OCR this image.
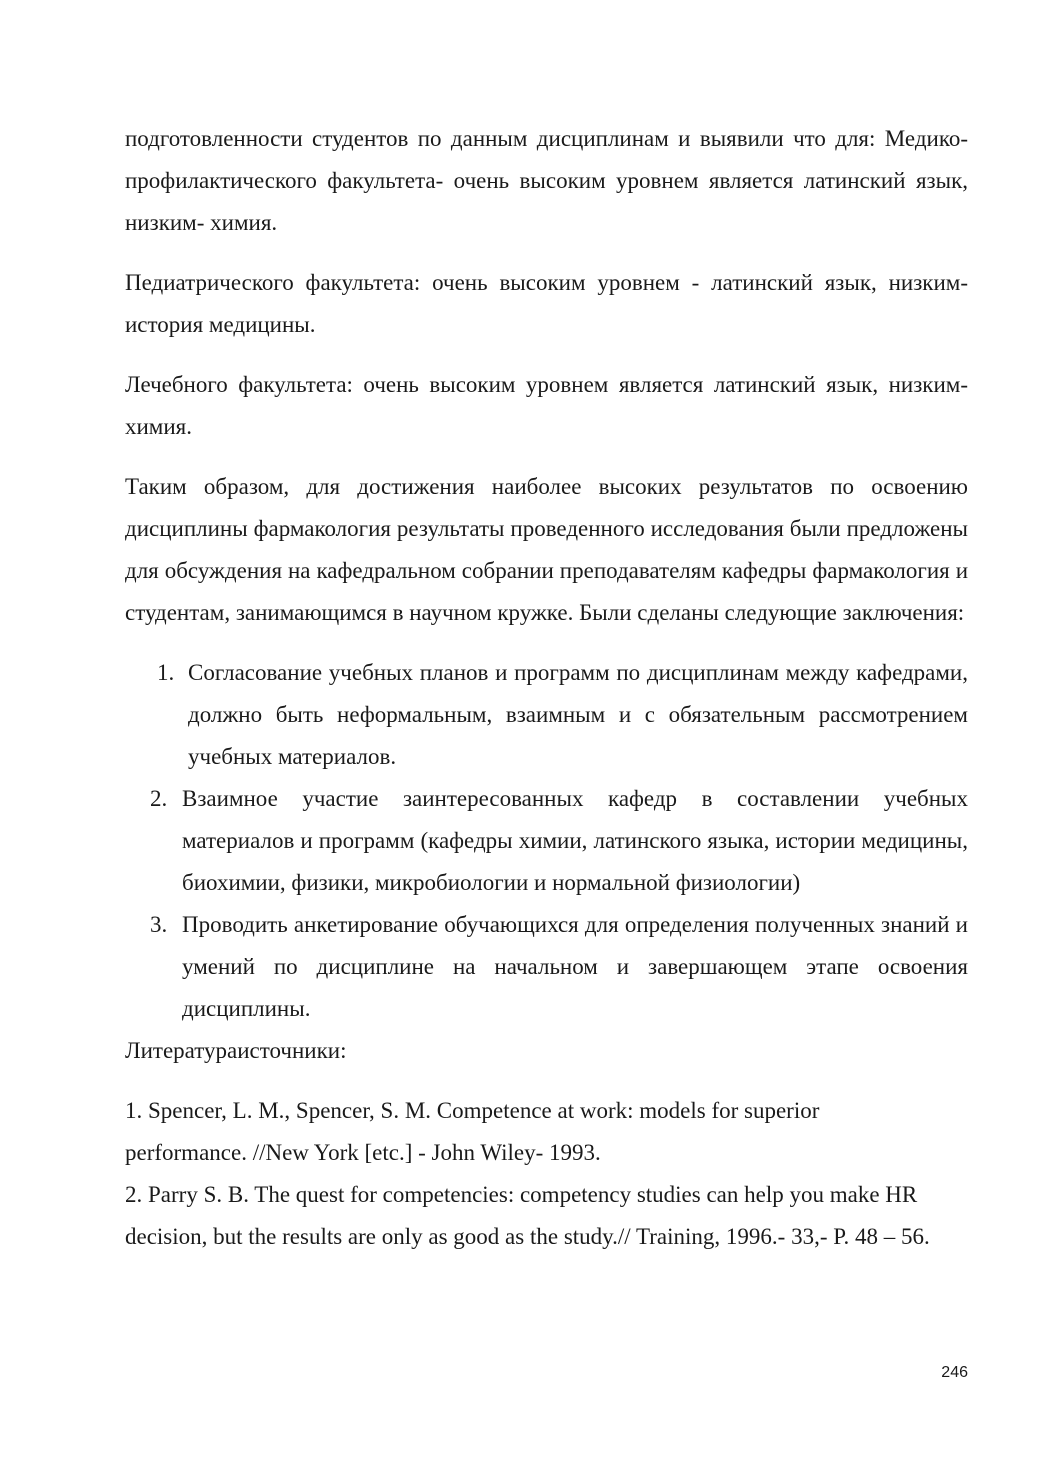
подготовленности студентов по данным дисциплинам и выявили что для: Медико- профилактического факультета- очень высоким уровнем является латинский язык, низким- химия.

Педиатрического факультета: очень высоким уровнем - латинский язык, низким- история медицины.

Лечебного факультета: очень высоким уровнем является латинский язык, низким- химия.

Таким образом, для достижения наиболее высоких результатов по освоению дисциплины фармакология результаты проведенного исследования были предложены для обсуждения на кафедральном собрании преподавателям кафедры фармакология и студентам, занимающимся в научном кружке. Были сделаны следующие заключения:

1. Согласование учебных планов и программ по дисциплинам между кафедрами, должно быть неформальным, взаимным и с обязательным рассмотрением учебных материалов.
2. Взаимное участие заинтересованных кафедр в составлении учебных материалов и программ (кафедры химии, латинского языка, истории медицины, биохимии, физики, микробиологии и нормальной физиологии)
3. Проводить анкетирование обучающихся для определения полученных знаний и умений по дисциплине на начальном и завершающем этапе освоения дисциплины.

Литератураисточники:

1. Spencer, L. M., Spencer, S. M. Competence at work: models for superior performance. //New York [etc.] - John Wiley- 1993.

2. Parry S. B. The quest for competencies: competency studies can help you make HR decision, but the results are only as good as the study.// Training, 1996.- 33,- P. 48 – 56.

246
